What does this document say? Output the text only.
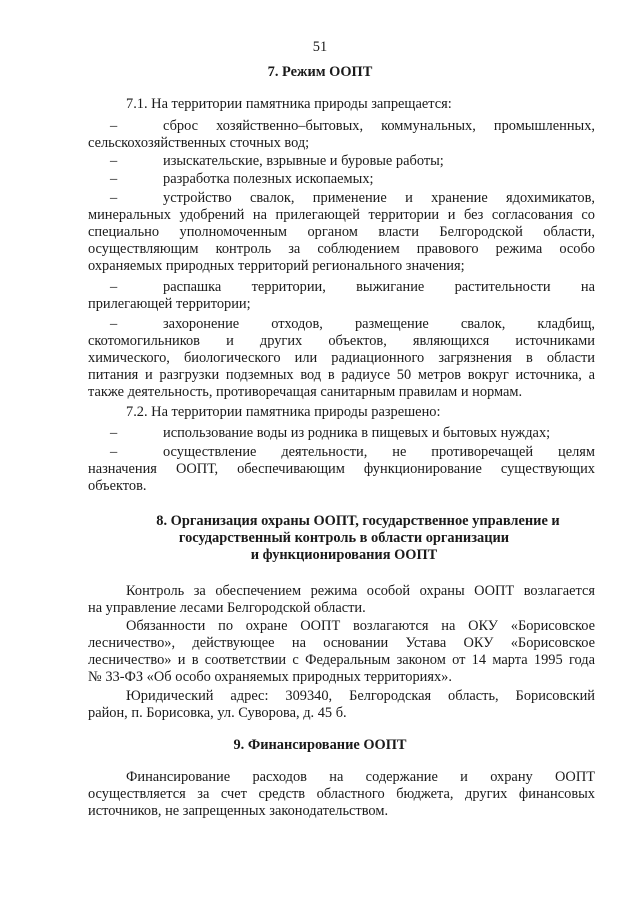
51
7. Режим ООПТ
7.1. На территории памятника природы запрещается:
–	сброс хозяйственно–бытовых, коммунальных, промышленных,
сельскохозяйственных сточных вод;
–	изыскательские, взрывные и буровые работы;
–	разработка полезных ископаемых;
–	устройство свалок, применение и хранение ядохимикатов,
минеральных удобрений на прилегающей территории и без согласования со
специально уполномоченным органом власти Белгородской области,
осуществляющим контроль за соблюдением правового режима особо
охраняемых природных территорий регионального значения;
–	распашка территории, выжигание растительности на
прилегающей территории;
–	захоронение отходов, размещение свалок, кладбищ,
скотомогильников и других объектов, являющихся источниками
химического, биологического или радиационного загрязнения в области
питания и разгрузки подземных вод в радиусе 50 метров вокруг источника, а
также деятельность, противоречащая санитарным правилам и нормам.
7.2. На территории памятника природы разрешено:
–	использование воды из родника в пищевых и бытовых нуждах;
–	осуществление деятельности, не противоречащей целям
назначения ООПТ, обеспечивающим функционирование существующих
объектов.
8. Организация охраны ООПТ, государственное управление и
государственный контроль в области организации
и функционирования ООПТ
Контроль за обеспечением режима особой охраны ООПТ возлагается
на управление лесами Белгородской области.
Обязанности по охране ООПТ возлагаются на ОКУ «Борисовское
лесничество», действующее на основании Устава ОКУ «Борисовское
лесничество» и в соответствии с Федеральным законом от 14 марта 1995 года
№ 33-ФЗ «Об особо охраняемых природных территориях».
Юридический адрес: 309340, Белгородская область, Борисовский
район, п. Борисовка, ул. Суворова, д. 45 б.
9. Финансирование ООПТ
Финансирование расходов на содержание и охрану ООПТ
осуществляется за счет средств областного бюджета, других финансовых
источников, не запрещенных законодательством.
